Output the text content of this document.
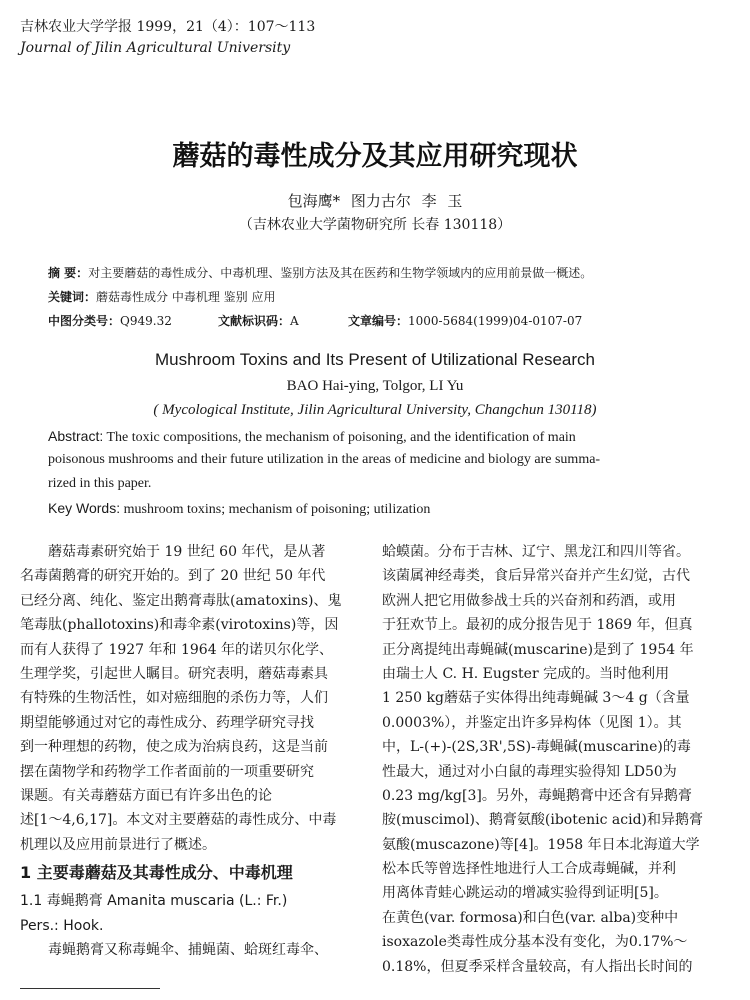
吉林农业大学学报 1999，21（4）：107～113
Journal of Jilin Agricultural University
蘑菇的毒性成分及其应用研究现状
包海鹰* 图力古尔 李 玉
（吉林农业大学菌物研究所 长春 130118）
摘 要：对主要蘑菇的毒性成分、中毒机理、鉴别方法及其在医药和生物学领域内的应用前景做一概述。
关键词：蘑菇毒性成分 中毒机理 鉴别 应用
中图分类号：Q949.32	文献标识码：A	文章编号：1000-5684(1999)04-0107-07
Mushroom Toxins and Its Present of Utilizational Research
BAO Hai-ying, Tolgor, LI Yu
( Mycological Institute, Jilin Agricultural University, Changchun 130118)
Abstract: The toxic compositions, the mechanism of poisoning, and the identification of main
poisonous mushrooms and their future utilization in the areas of medicine and biology are summa-
rized in this paper.
Key Words: mushroom toxins; mechanism of poisoning; utilization
　　蘑菇毒素研究始于 19 世纪 60 年代，是从著
名毒菌鹅膏的研究开始的。到了 20 世纪 50 年代
已经分离、纯化、鉴定出鹅膏毒肽(amatoxins)、鬼
笔毒肽(phallotoxins)和毒伞素(virotoxins)等，因
而有人获得了 1927 年和 1964 年的诺贝尔化学、
生理学奖，引起世人瞩目。研究表明，蘑菇毒素具
有特殊的生物活性，如对癌细胞的杀伤力等，人们
期望能够通过对它的毒性成分、药理学研究寻找
到一种理想的药物，使之成为治病良药，这是当前
摆在菌物学和药物学工作者面前的一项重要研究
课题。有关毒蘑菇方面已有许多出色的论
述[1～4,6,17]。本文对主要蘑菇的毒性成分、中毒
机理以及应用前景进行了概述。
1 主要毒蘑菇及其毒性成分、中毒机理
1.1 毒蝇鹅膏 Amanita muscaria (L.: Fr.)
Pers.: Hook.
　　毒蝇鹅膏又称毒蝇伞、捕蝇菌、蛤斑红毒伞、
蛤蟆菌。分布于吉林、辽宁、黑龙江和四川等省。
该菌属神经毒类，食后异常兴奋并产生幻觉，古代
欧洲人把它用做参战士兵的兴奋剂和药酒，或用
于狂欢节上。最初的成分报告见于 1869 年，但真
正分离提纯出毒蝇碱(muscarine)是到了 1954 年
由瑞士人 C. H. Eugster 完成的。当时他利用
1 250 kg蘑菇子实体得出纯毒蝇碱 3～4 g（含量
0.0003%），并鉴定出许多异构体（见图 1）。其
中，L-(+)-(2S,3R',5S)-毒蝇碱(muscarine)的毒
性最大，通过对小白鼠的毒理实验得知 LD50为
0.23 mg/kg[3]。另外，毒蝇鹅膏中还含有异鹅膏
胺(muscimol)、鹅膏氨酸(ibotenic acid)和异鹅膏
氨酸(muscazone)等[4]。1958 年日本北海道大学
松本氏等曾选择性地进行人工合成毒蝇碱，并利
用离体青蛙心跳运动的增减实验得到证明[5]。
在黄色(var. formosa)和白色(var. alba)变种中
isoxazole类毒性成分基本没有变化，为0.17%～
0.18%，但夏季采样含量较高，有人指出长时间的
